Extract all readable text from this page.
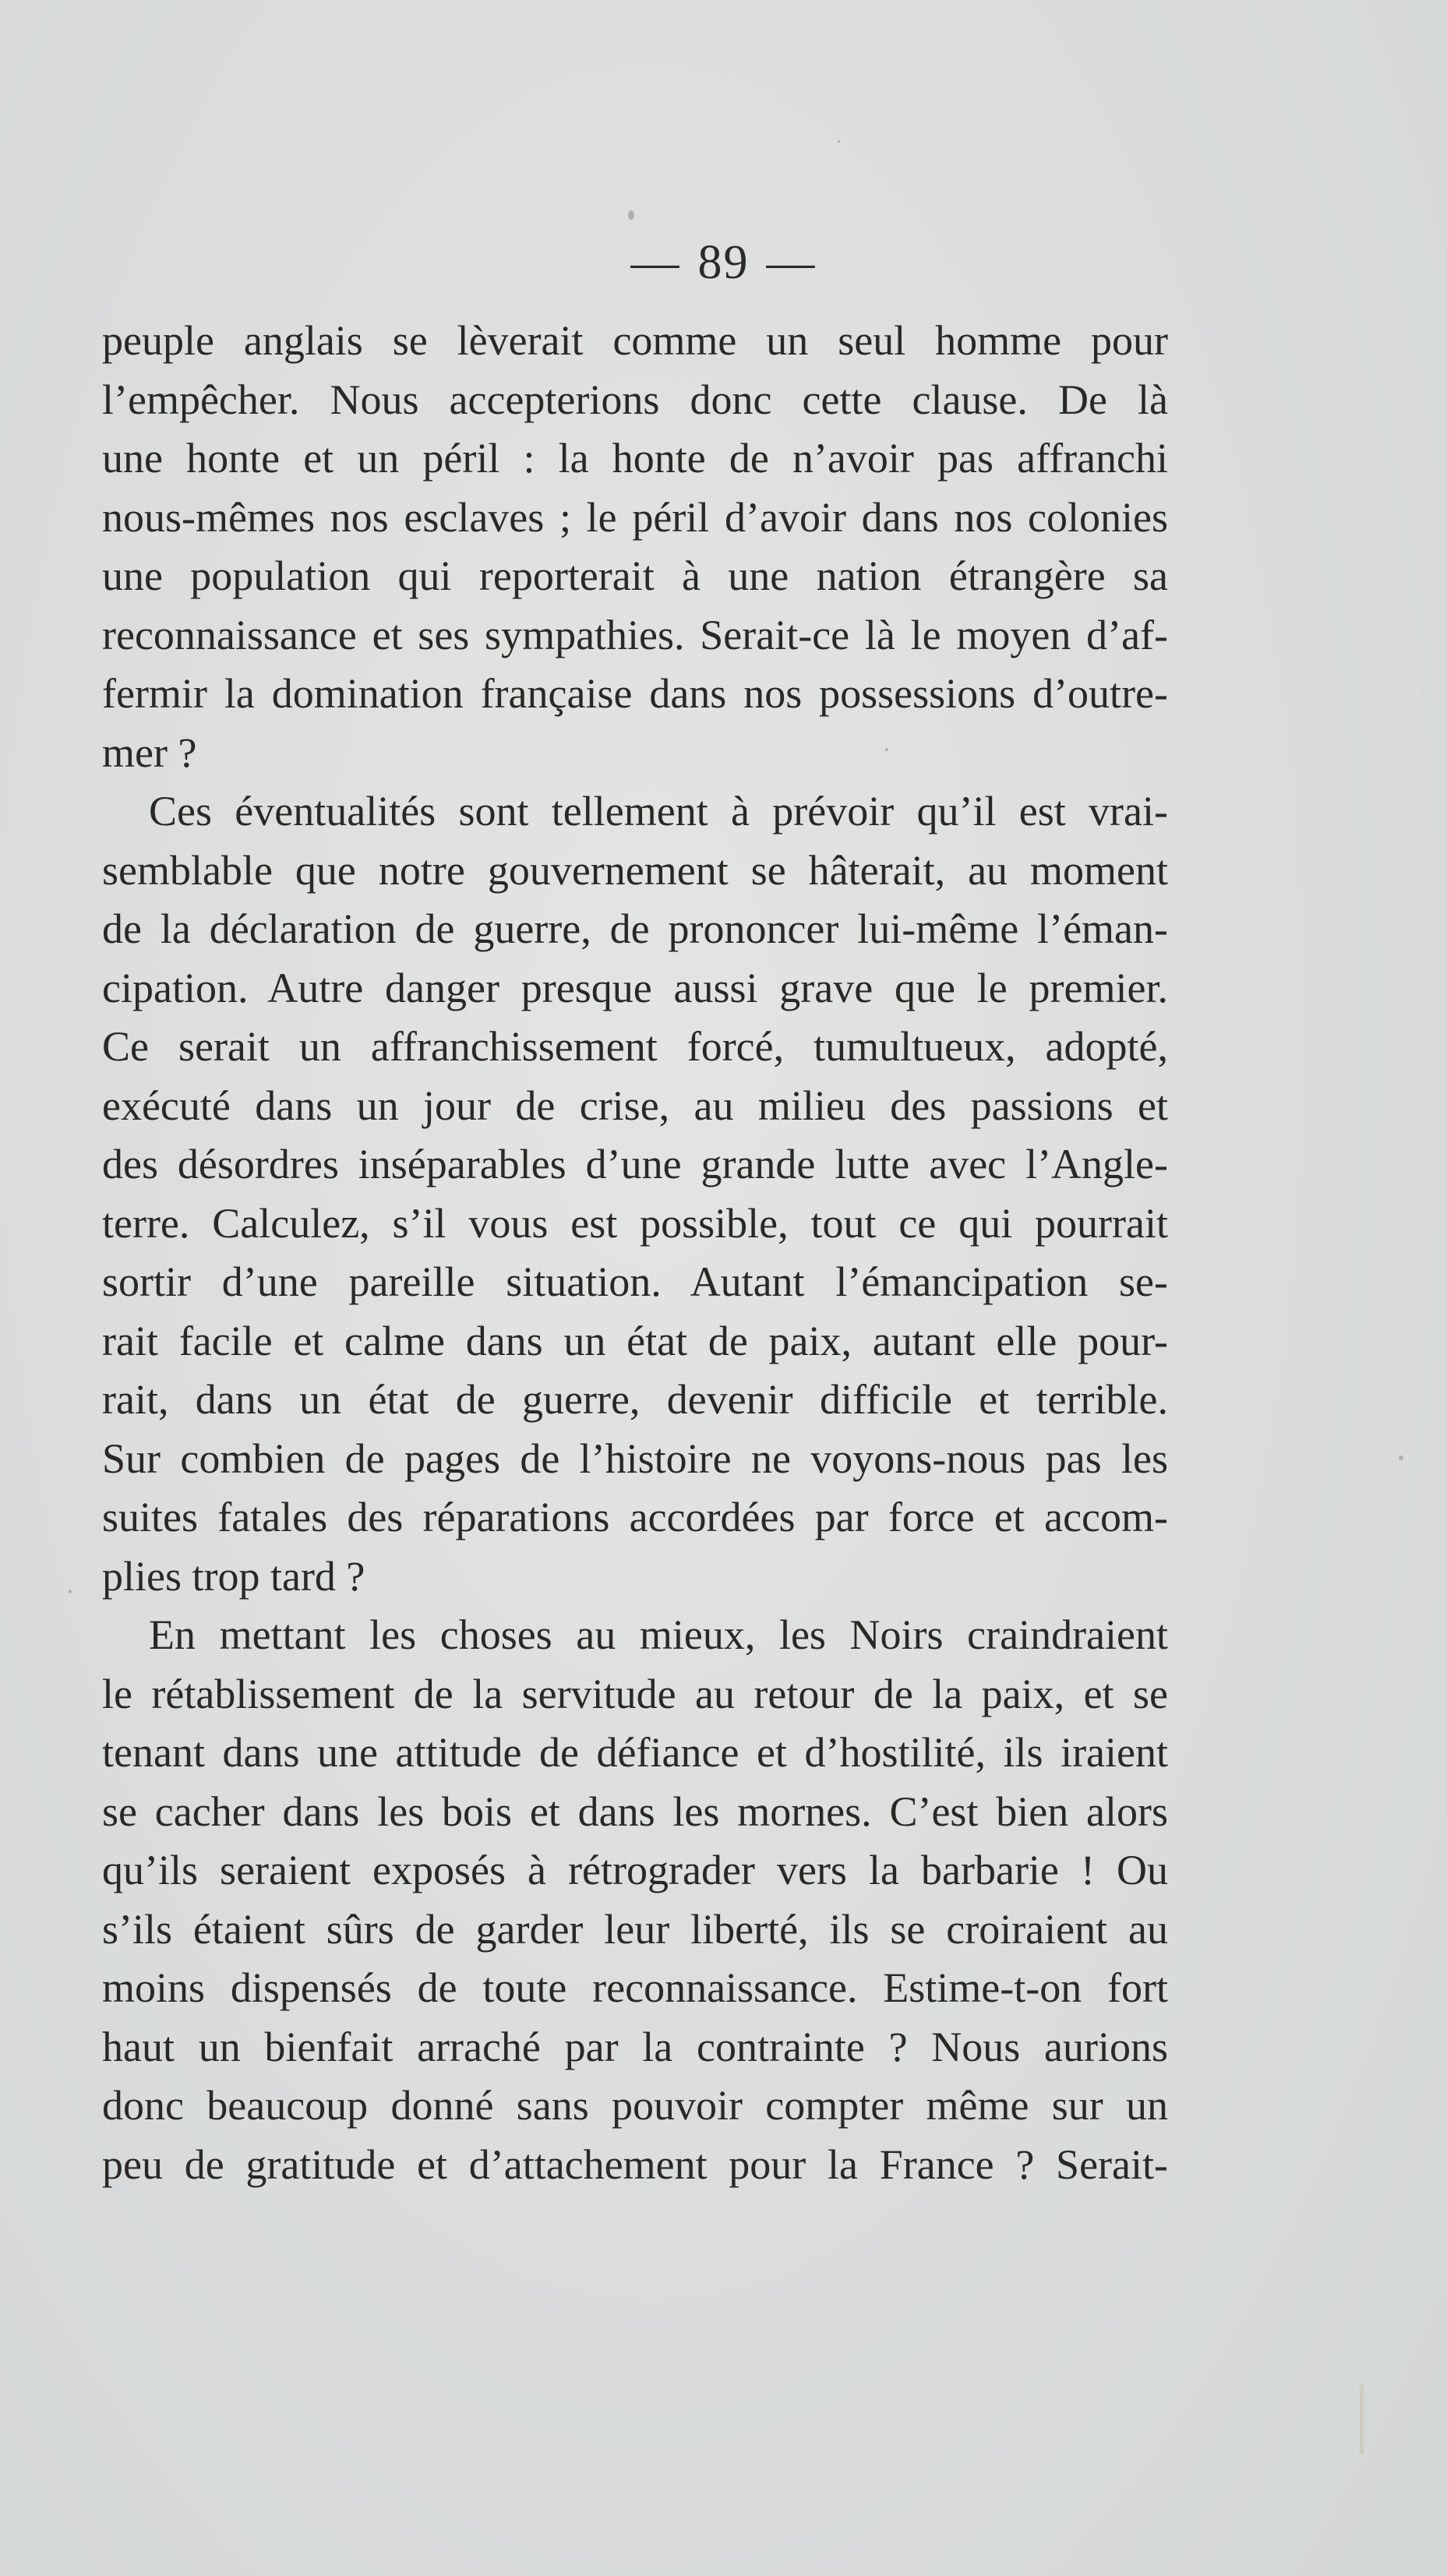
— 89 —
peuple anglais se lèverait comme un seul homme pour
l’empêcher. Nous accepterions donc cette clause. De là
une honte et un péril : la honte de n’avoir pas affranchi
nous-mêmes nos esclaves ; le péril d’avoir dans nos colonies
une population qui reporterait à une nation étrangère sa
reconnaissance et ses sympathies. Serait-ce là le moyen d’af-
fermir la domination française dans nos possessions d’outre-
mer ?
Ces éventualités sont tellement à prévoir qu’il est vrai-
semblable que notre gouvernement se hâterait, au moment
de la déclaration de guerre, de prononcer lui-même l’éman-
cipation. Autre danger presque aussi grave que le premier.
Ce serait un affranchissement forcé, tumultueux, adopté,
exécuté dans un jour de crise, au milieu des passions et
des désordres inséparables d’une grande lutte avec l’Angle-
terre. Calculez, s’il vous est possible, tout ce qui pourrait
sortir d’une pareille situation. Autant l’émancipation se-
rait facile et calme dans un état de paix, autant elle pour-
rait, dans un état de guerre, devenir difficile et terrible.
Sur combien de pages de l’histoire ne voyons-nous pas les
suites fatales des réparations accordées par force et accom-
plies trop tard ?
En mettant les choses au mieux, les Noirs craindraient
le rétablissement de la servitude au retour de la paix, et se
tenant dans une attitude de défiance et d’hostilité, ils iraient
se cacher dans les bois et dans les mornes. C’est bien alors
qu’ils seraient exposés à rétrograder vers la barbarie ! Ou
s’ils étaient sûrs de garder leur liberté, ils se croiraient au
moins dispensés de toute reconnaissance. Estime-t-on fort
haut un bienfait arraché par la contrainte ? Nous aurions
donc beaucoup donné sans pouvoir compter même sur un
peu de gratitude et d’attachement pour la France ? Serait-
